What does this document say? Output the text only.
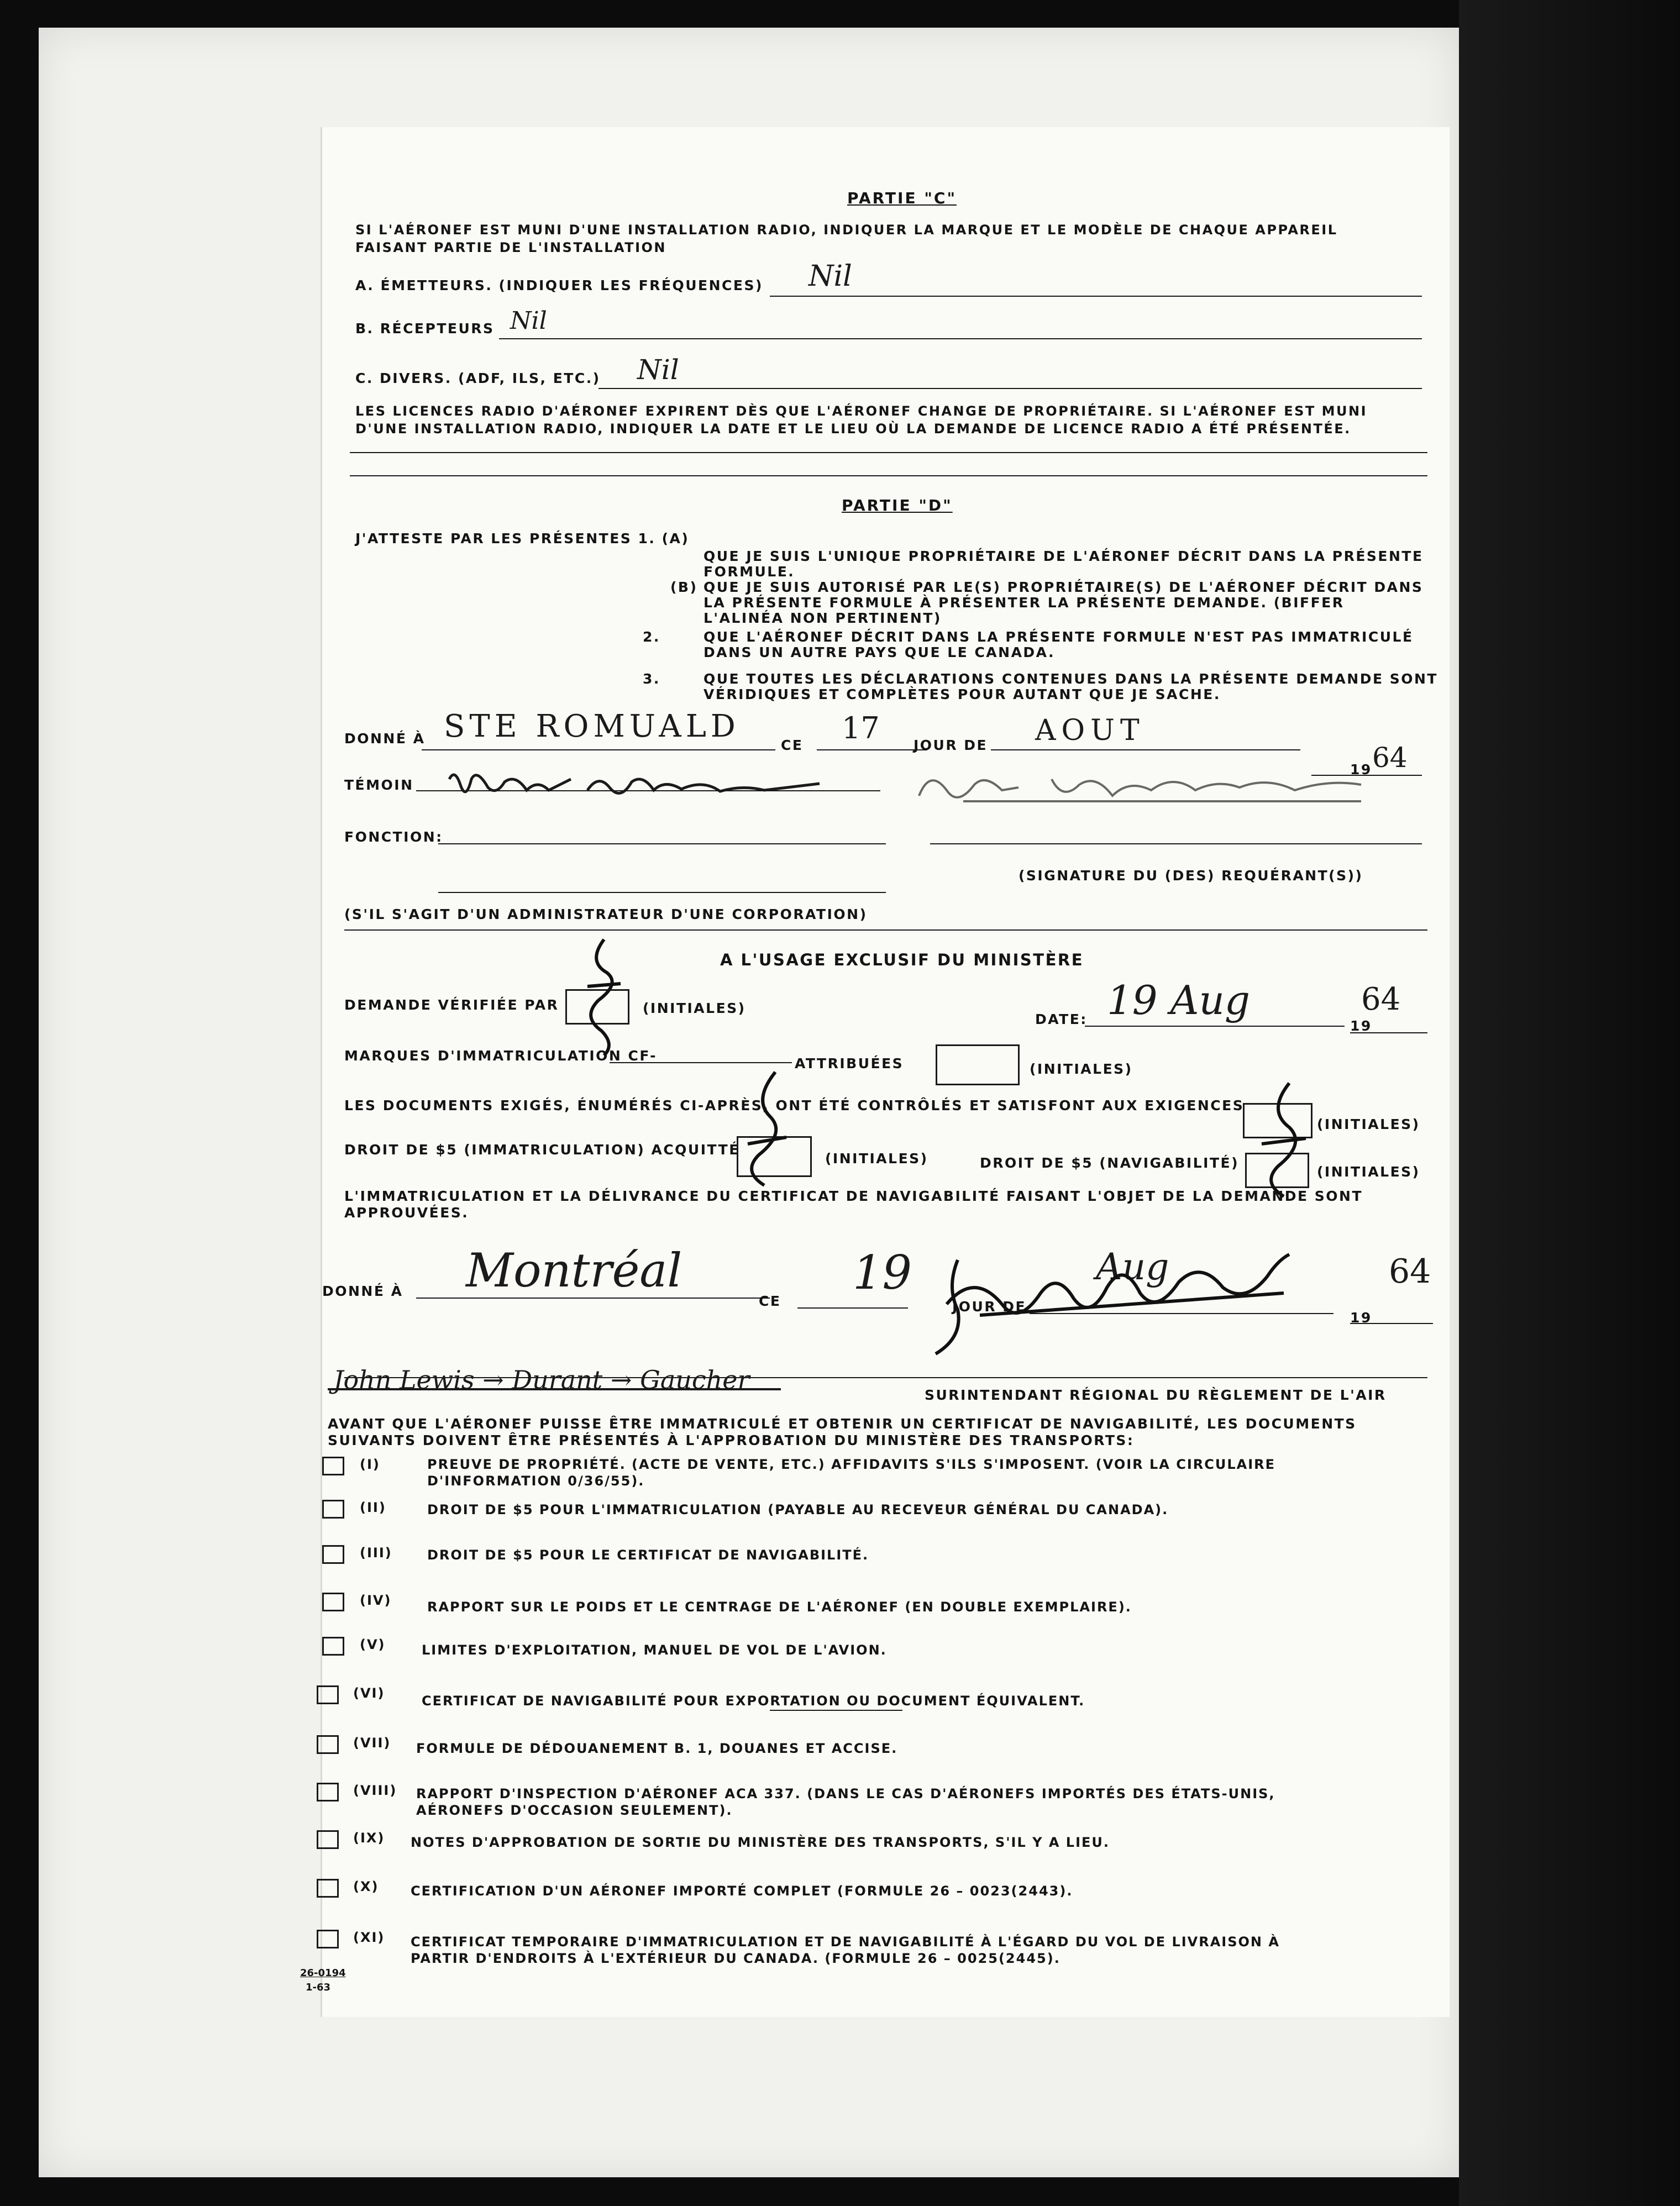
PARTIE "C"
SI L'AÉRONEF EST MUNI D'UNE INSTALLATION RADIO, INDIQUER LA MARQUE ET LE MODÈLE DE CHAQUE APPAREIL
FAISANT PARTIE DE L'INSTALLATION
A. ÉMETTEURS. (INDIQUER LES FRÉQUENCES) Nil
B. RÉCEPTEURS Nil
C. DIVERS. (ADF, ILS, ETC.) Nil
LES LICENCES RADIO D'AÉRONEF EXPIRENT DÈS QUE L'AÉRONEF CHANGE DE PROPRIÉTAIRE. SI L'AÉRONEF EST MUNI
D'UNE INSTALLATION RADIO, INDIQUER LA DATE ET LE LIEU OÙ LA DEMANDE DE LICENCE RADIO A ÉTÉ PRÉSENTÉE.
PARTIE "D"
J'ATTESTE PAR LES PRÉSENTES 1. (A)
QUE JE SUIS L'UNIQUE PROPRIÉTAIRE DE L'AÉRONEF DÉCRIT DANS LA PRÉSENTE
FORMULE.
(B) QUE JE SUIS AUTORISÉ PAR LE(S) PROPRIÉTAIRE(S) DE L'AÉRONEF DÉCRIT DANS
LA PRÉSENTE FORMULE À PRÉSENTER LA PRÉSENTE DEMANDE. (BIFFER
L'ALINÉA NON PERTINENT)
2.	QUE L'AÉRONEF DÉCRIT DANS LA PRÉSENTE FORMULE N'EST PAS IMMATRICULÉ
DANS UN AUTRE PAYS QUE LE CANADA.
3.	QUE TOUTES LES DÉCLARATIONS CONTENUES DANS LA PRÉSENTE DEMANDE SONT
VÉRIDIQUES ET COMPLÈTES POUR AUTANT QUE JE SACHE.
DONNÉ À STE ROMUALD
CE 17 JOUR DE AOUT
19 64
TÉMOIN
FONCTION:
(SIGNATURE DU (DES) REQUÉRANT(S))
(S'IL S'AGIT D'UN ADMINISTRATEUR D'UNE CORPORATION)
A L'USAGE EXCLUSIF DU MINISTÈRE
DEMANDE VÉRIFIÉE PAR	(INITIALES)
DATE: 19 Aug
19
64
MARQUES D'IMMATRICULATION CF-	ATTRIBUÉES	(INITIALES)
LES DOCUMENTS EXIGÉS, ÉNUMÉRÉS CI-APRÈS, ONT ÉTÉ CONTRÔLÉS ET SATISFONT AUX EXIGENCES
(INITIALES)
DROIT DE $5 (IMMATRICULATION) ACQUITTÉ
(INITIALES)	DROIT DE $5 (NAVIGABILITÉ)
(INITIALES)
L'IMMATRICULATION ET LA DÉLIVRANCE DU CERTIFICAT DE NAVIGABILITÉ FAISANT L'OBJET DE LA DEMANDE SONT
APPROUVÉES.
DONNÉ À Montréal
CE
19
JOUR DE
Aug
19
64
SURINTENDANT RÉGIONAL DU RÈGLEMENT DE L'AIR
John Lewis → Durant → Gaucher
AVANT QUE L'AÉRONEF PUISSE ÊTRE IMMATRICULÉ ET OBTENIR UN CERTIFICAT DE NAVIGABILITÉ, LES DOCUMENTS
SUIVANTS DOIVENT ÊTRE PRÉSENTÉS À L'APPROBATION DU MINISTÈRE DES TRANSPORTS:
(I)	PREUVE DE PROPRIÉTÉ. (ACTE DE VENTE, ETC.) AFFIDAVITS S'ILS S'IMPOSENT. (VOIR LA CIRCULAIRE
D'INFORMATION 0/36/55).
(II)	DROIT DE $5 POUR L'IMMATRICULATION (PAYABLE AU RECEVEUR GÉNÉRAL DU CANADA).
(III)	DROIT DE $5 POUR LE CERTIFICAT DE NAVIGABILITÉ.
(IV)	RAPPORT SUR LE POIDS ET LE CENTRAGE DE L'AÉRONEF (EN DOUBLE EXEMPLAIRE).
(V)	LIMITES D'EXPLOITATION, MANUEL DE VOL DE L'AVION.
(VI)	CERTIFICAT DE NAVIGABILITÉ POUR EXPORTATION OU DOCUMENT ÉQUIVALENT.
(VII) FORMULE DE DÉDOUANEMENT B. 1, DOUANES ET ACCISE.
(VIII) RAPPORT D'INSPECTION D'AÉRONEF ACA 337. (DANS LE CAS D'AÉRONEFS IMPORTÉS DES ÉTATS-UNIS,
AÉRONEFS D'OCCASION SEULEMENT).
(IX) NOTES D'APPROBATION DE SORTIE DU MINISTÈRE DES TRANSPORTS, S'IL Y A LIEU.
(X) CERTIFICATION D'UN AÉRONEF IMPORTÉ COMPLET (FORMULE 26 – 0023(2443).
(XI) CERTIFICAT TEMPORAIRE D'IMMATRICULATION ET DE NAVIGABILITÉ À L'ÉGARD DU VOL DE LIVRAISON À
PARTIR D'ENDROITS À L'EXTÉRIEUR DU CANADA. (FORMULE 26 – 0025(2445).
26-0194
1-63
